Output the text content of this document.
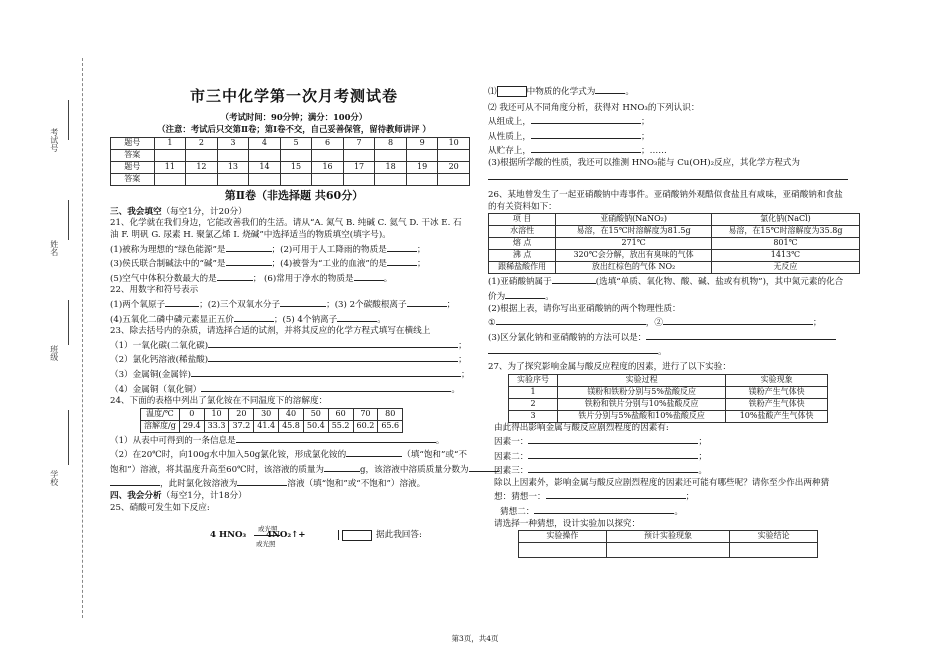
考试号
姓名
班级
学校
市三中化学第一次月考测试卷
（考试时间：90分钟；满分：100分）
（注意：考试后只交第Ⅱ卷；第Ⅰ卷不交，自己妥善保管，留待教师讲评 ）
题号	1	2	3	4	5	6	7	8	9	10
答案										
题号	11	12	13	14	15	16	17	18	19	20
答案										
第Ⅱ卷（非选择题 共60分）

三、我会填空（每空1分，计20分）

21、化学就在我们身边，它能改善我们的生活。请从“A. 氮气 B. 纯碱 C. 氦气 D. 干冰 E. 石

油 F. 明矾 G. 尿素 H. 聚氯乙烯 I. 烧碱”中选择适当的物质填空(填字号)。

(1)被称为理想的“绿色能源”是	；(2)可用于人工降雨的物质是	；

(3)侯氏联合制碱法中的“碱”是	；(4)被誉为“工业的血液”的是	；

(5)空气中体积分数最大的是	； (6)常用于净水的物质是	。

22、用数字和符号表示

(1)两个氧原子	；(2)三个双氧水分子	；(3) 2个碳酸根离子	；

(4)五氧化二磷中磷元素显正五价	；(5) 4个钠离子	。

23、除去括号内的杂质，请选择合适的试剂，并将其反应的化学方程式填写在横线上

（1）一氧化碳(二氧化碳)	；

（2）氯化钙溶液(稀盐酸)	；

（3）金属铜(金属锌)	；

（4）金属铜（氧化铜）	。

24、下面的表格中列出了氯化铵在不同温度下的溶解度：

温度/℃	0	10	20	30	40	50	60	70	80
溶解度/g	29.4	33.3	37.2	41.4	45.8	50.4	55.2	60.2	65.6

（1）从表中可得到的一条信息是	。

（2）在20℃时，向100g水中加入50g氯化铵，形成氯化铵的	（填“饱和”或“不

饱和”）溶液，将其温度升高至60℃时，该溶液的质量为	g，该溶液中溶质质量分数为

，此时氯化铵溶液为	溶液（填“饱和”或“不饱和”）溶液。

四、我会分析（每空1分，计18分）

25、硝酸可发生如下反应:

4 HNO₃
或光照
或光照
4NO₂↑+	据此我回答:

⑴	中物质的化学式为	。

⑵ 我还可从不同角度分析，获得对 HNO₃的下列认识：

从组成上，	；

从性质上，	；

从贮存上，	；……

(3)根据所学酸的性质，我还可以推测 HNO₃能与 Cu(OH)₂反应，其化学方程式为

26、某地曾发生了一起亚硝酸钠中毒事件。亚硝酸钠外观酷似食盐且有咸味，亚硝酸钠和食盐

的有关资料如下：

项 目	亚硝酸钠(NaNO₂)	氯化钠(NaCl)
水溶性	易溶，在15℃时溶解度为81.5g	易溶，在15℃时溶解度为35.8g
熔 点	271℃	801℃
沸 点	320℃会分解，放出有臭味的气体	1413℃
跟稀盐酸作用	放出红棕色的气体 NO₂	无反应

(1)亚硝酸钠属于	(选填“单质、氧化物、酸、碱、盐或有机物”)，其中氮元素的化合

价为	。

(2)根据上表，请你写出亚硝酸钠的两个物理性质：

①	，②	；

(3)区分氯化钠和亚硝酸钠的方法可以是：

。

27、为了探究影响金属与酸反应程度的因素，进行了以下实验：

实验序号	实验过程	实验现象
1	镁粉和铁粉分别与5%盐酸反应	镁粉产生气体快
2	铁粉和铁片分别与10%盐酸反应	铁粉产生气体快
3	铁片分别与5%盐酸和10%盐酸反应	10%盐酸产生气体快

由此得出影响金属与酸反应剧烈程度的因素有:

因素一：	；

因素二：	；

因素三：	。

除以上因素外，影响金属与酸反应剧烈程度的因素还可能有哪些呢？请你至少作出两种猜

想：猜想一：	；

猜想二：	。

请选择一种猜想，设计实验加以探究：

实验操作	预计实验现象	实验结论

第3页，共4页
